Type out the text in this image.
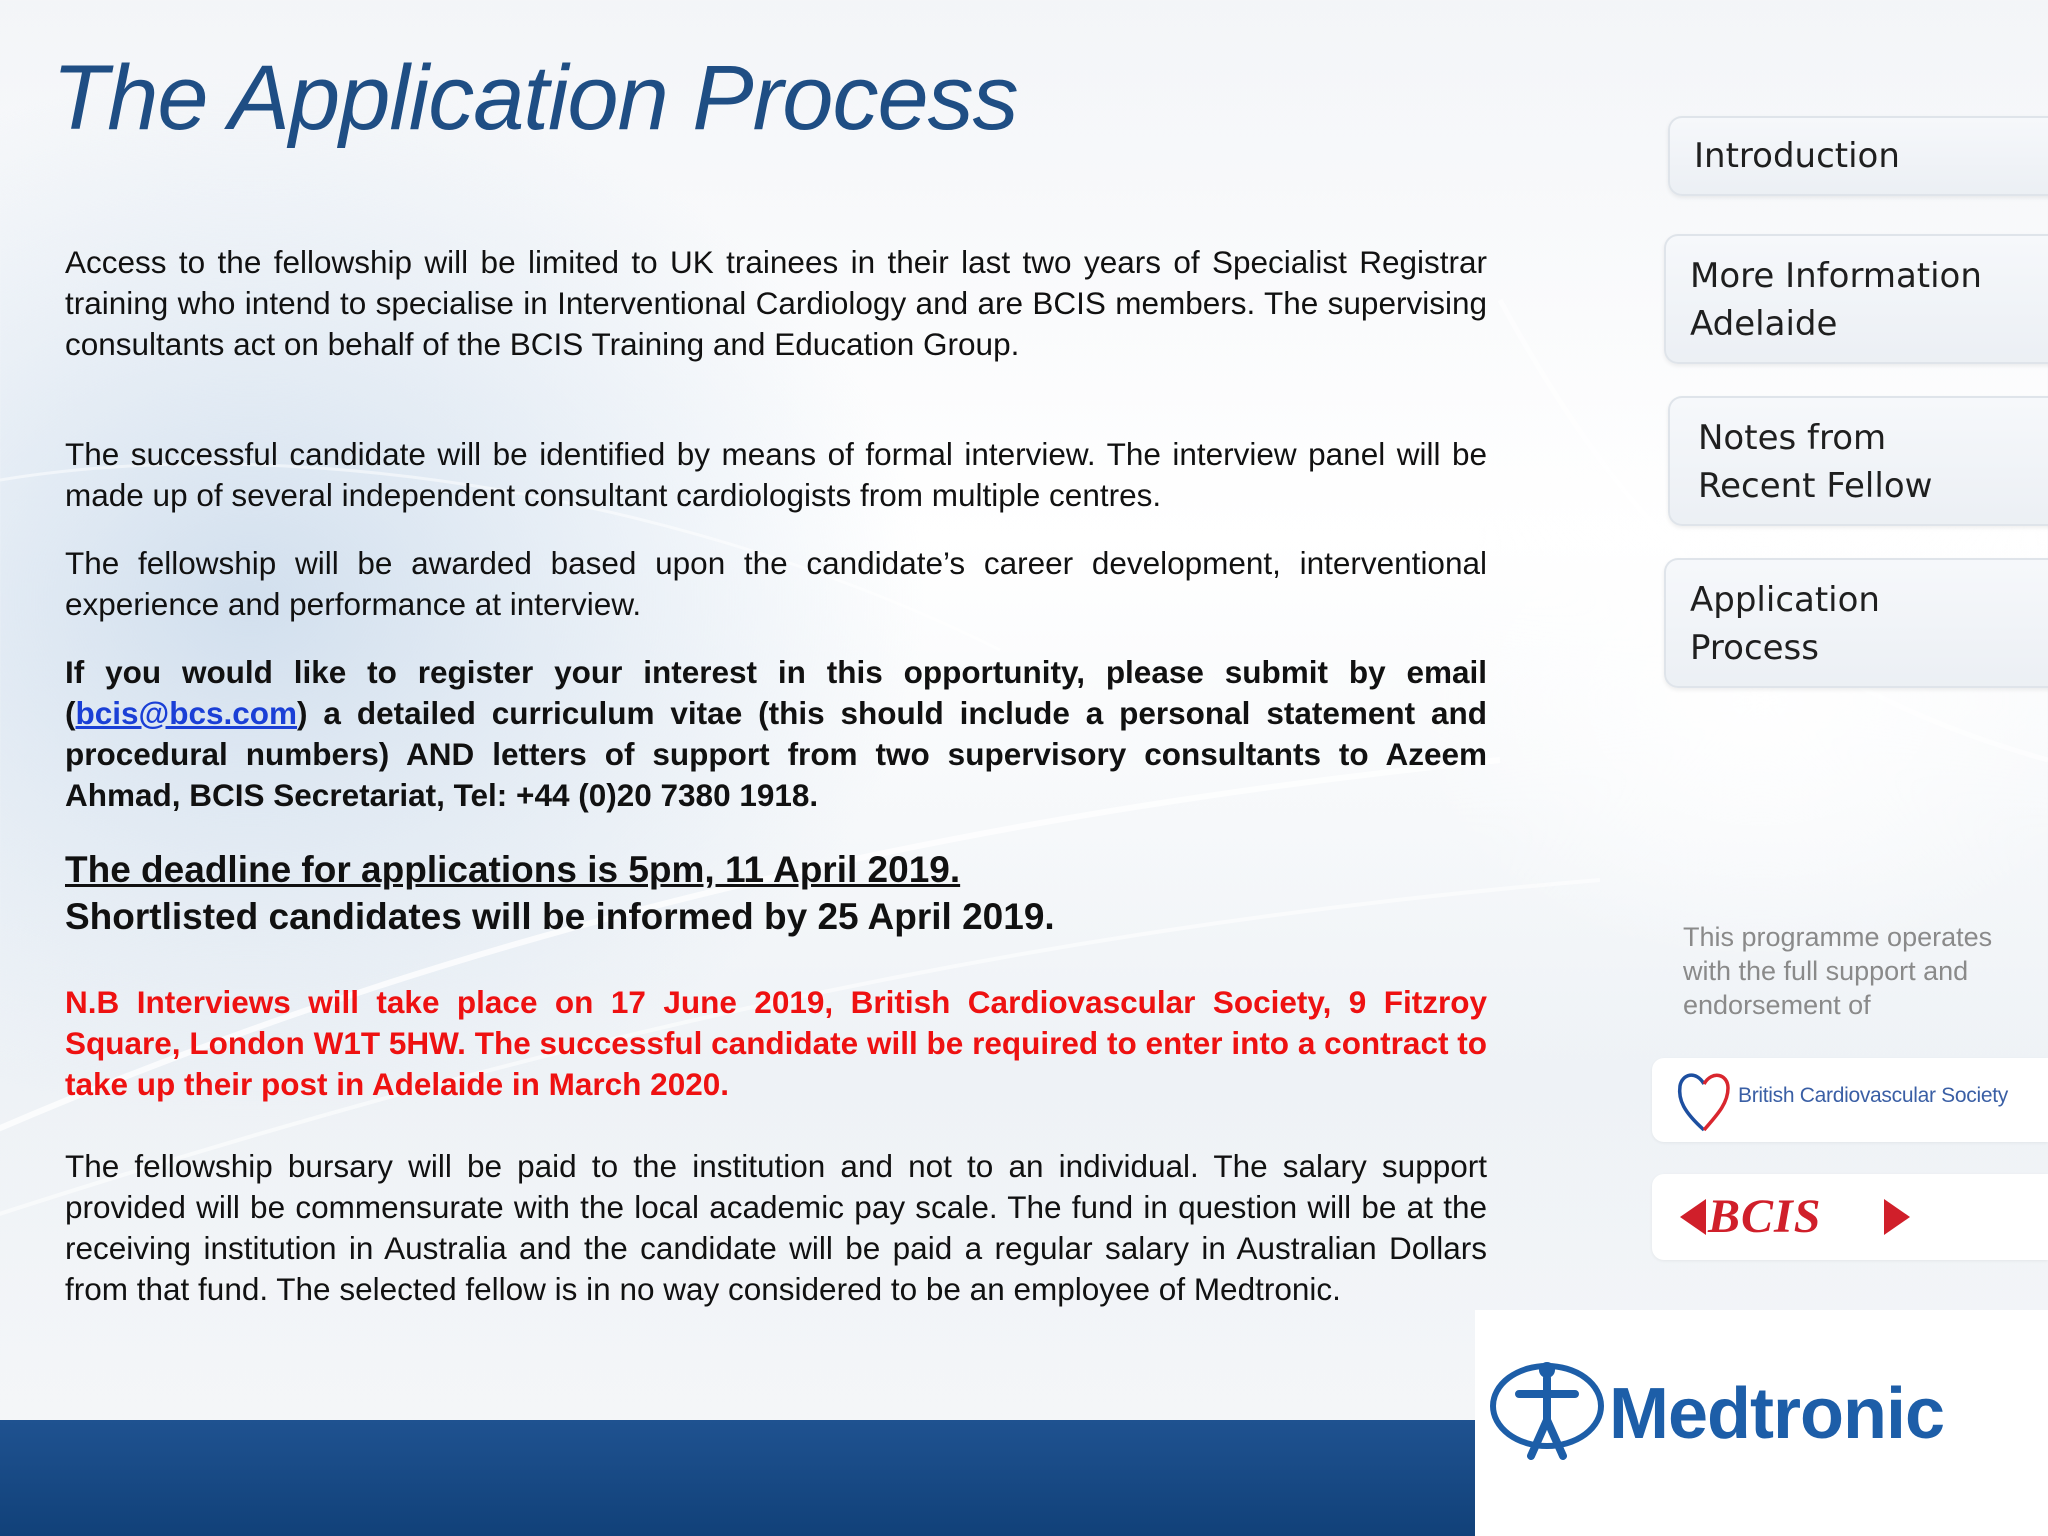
The Application Process

Access to the fellowship will be limited to UK trainees in their last two years of Specialist Registrar training who intend to specialise in Interventional Cardiology and are BCIS members. The supervising consultants act on behalf of the BCIS Training and Education Group.

The successful candidate will be identified by means of formal interview. The interview panel will be made up of several independent consultant cardiologists from multiple centres.

The fellowship will be awarded based upon the candidate’s career development, interventional experience and performance at interview.

If you would like to register your interest in this opportunity, please submit by email (bcis@bcs.com) a detailed curriculum vitae (this should include a personal statement and procedural numbers) AND letters of support from two supervisory consultants to Azeem Ahmad, BCIS Secretariat, Tel: +44 (0)20 7380 1918.

The deadline for applications is 5pm, 11 April 2019.
Shortlisted candidates will be informed by 25 April 2019.

N.B Interviews will take place on 17 June 2019, British Cardiovascular Society, 9 Fitzroy Square, London W1T 5HW. The successful candidate will be required to enter into a contract to take up their post in Adelaide in March 2020.

The fellowship bursary will be paid to the institution and not to an individual. The salary support provided will be commensurate with the local academic pay scale. The fund in question will be at the receiving institution in Australia and the candidate will be paid a regular salary in Australian Dollars from that fund. The selected fellow is in no way considered to be an employee of Medtronic.

Introduction
More Information
Adelaide
Notes from
Recent Fellow
Application
Process
This programme operates with the full support and endorsement of
British Cardiovascular Society
BCIS
Medtronic
